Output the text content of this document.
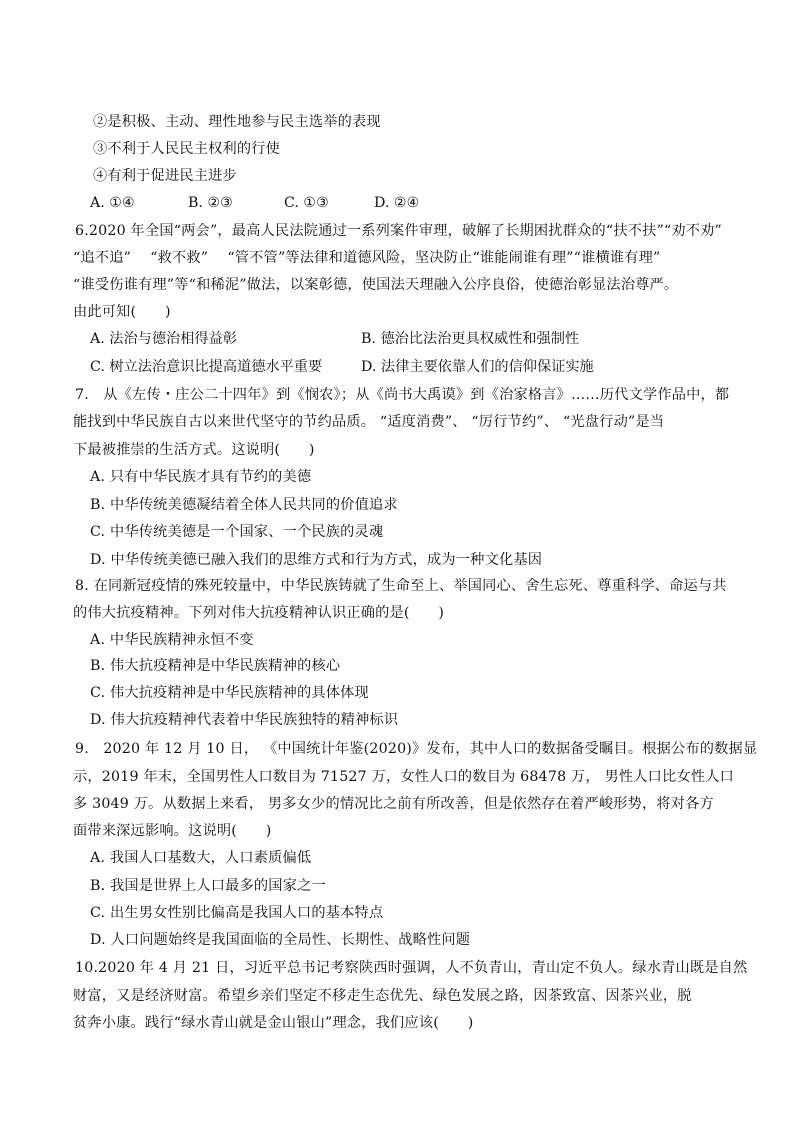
②是积极、主动、理性地参与民主选举的表现
③不利于人民民主权利的行使
④有利于促进民主进步
A. ①④	B. ②③	C. ①③	D. ②④
6.2020 年全国“两会”，最高人民法院通过一系列案件审理，破解了长期困扰群众的“扶不扶”“劝不劝”
“追不追”　 “救不救”　 “管不管”等法律和道德风险，坚决防止“谁能闹谁有理”“谁横谁有理”
“谁受伤谁有理”等“和稀泥”做法，以案彰德，使国法天理融入公序良俗，使德治彰显法治尊严。
由此可知(　　)
A. 法治与德治相得益彰	B. 德治比法治更具权威性和强制性
C. 树立法治意识比提高道德水平重要	D. 法律主要依靠人们的信仰保证实施
7.　从《左传・庄公二十四年》到《悯农》；从《尚书大禹谟》到《治家格言》……历代文学作品中，都
能找到中华民族自古以来世代坚守的节约品质。 “适度消费”、 “厉行节约”、 “光盘行动”是当
下最被推崇的生活方式。这说明(　　)
A. 只有中华民族才具有节约的美德
B. 中华传统美德凝结着全体人民共同的价值追求
C. 中华传统美德是一个国家、一个民族的灵魂
D. 中华传统美德已融入我们的思维方式和行为方式，成为一种文化基因
8. 在同新冠疫情的殊死较量中，中华民族铸就了生命至上、举国同心、舍生忘死、尊重科学、命运与共
的伟大抗疫精神。下列对伟大抗疫精神认识正确的是(　　)
A. 中华民族精神永恒不变
B. 伟大抗疫精神是中华民族精神的核心
C. 伟大抗疫精神是中华民族精神的具体体现
D. 伟大抗疫精神代表着中华民族独特的精神标识
9.　2020 年 12 月 10 日， 《中国统计年鉴(2020)》发布，其中人口的数据备受瞩目。根据公布的数据显
示，2019 年末，全国男性人口数目为 71527 万，女性人口的数目为 68478 万， 男性人口比女性人口
多 3049 万。从数据上来看， 男多女少的情况比之前有所改善，但是依然存在着严峻形势，将对各方
面带来深远影响。这说明(　　)
A. 我国人口基数大，人口素质偏低
B. 我国是世界上人口最多的国家之一
C. 出生男女性别比偏高是我国人口的基本特点
D. 人口问题始终是我国面临的全局性、长期性、战略性问题
10.2020 年 4 月 21 日，习近平总书记考察陕西时强调，人不负青山，青山定不负人。绿水青山既是自然
财富，又是经济财富。希望乡亲们坚定不移走生态优先、绿色发展之路，因茶致富、因茶兴业，脱
贫奔小康。践行“绿水青山就是金山银山”理念，我们应该(　　)
